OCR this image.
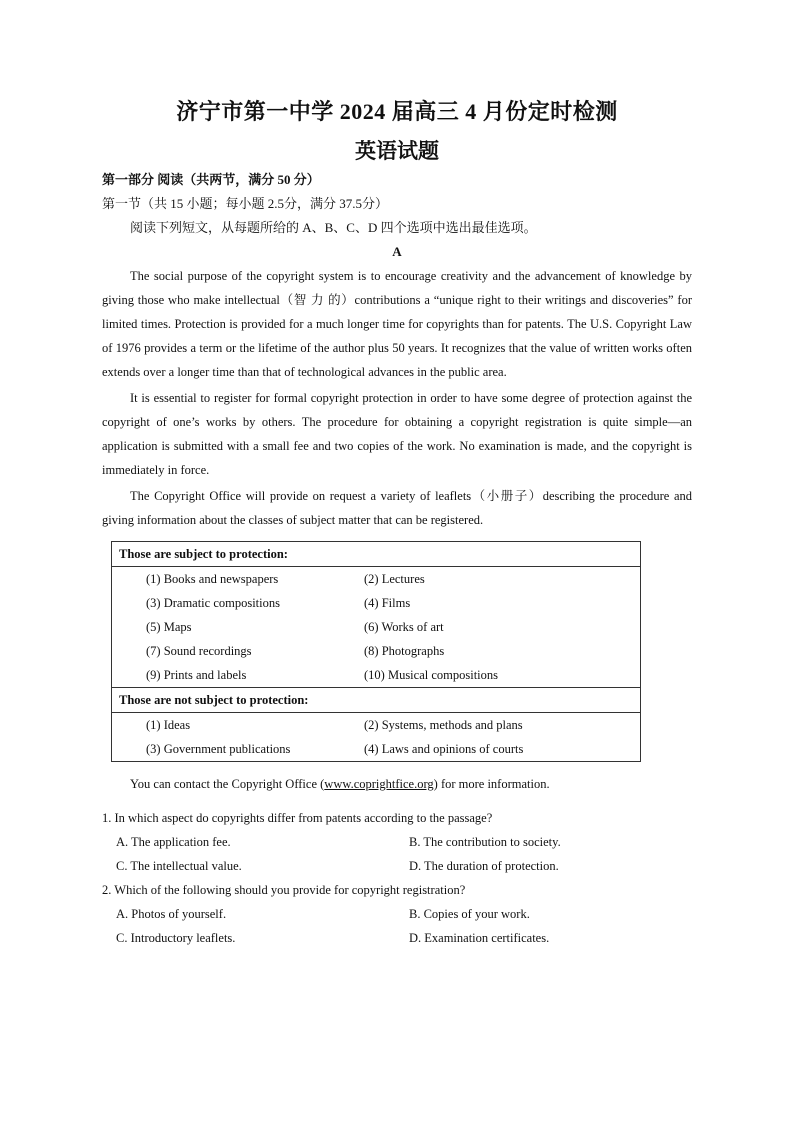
济宁市第一中学 2024 届高三 4 月份定时检测
英语试题
第一部分 阅读（共两节，满分 50 分）
第一节（共 15 小题；每小题 2.5分，满分 37.5分）
阅读下列短文，从每题所给的 A、B、C、D 四个选项中选出最佳选项。
A

The social purpose of the copyright system is to encourage creativity and the advancement of knowledge by giving those who make intellectual（智 力 的）contributions a “unique right to their writings and discoveries” for limited times. Protection is provided for a much longer time for copyrights than for patents. The U.S. Copyright Law of 1976 provides a term or the lifetime of the author plus 50 years. It recognizes that the value of written works often extends over a longer time than that of technological advances in the public area.

It is essential to register for formal copyright protection in order to have some degree of protection against the copyright of one’s works by others. The procedure for obtaining a copyright registration is quite simple—an application is submitted with a small fee and two copies of the work. No examination is made, and the copyright is immediately in force.

The Copyright Office will provide on request a variety of leaflets（小册子）describing the procedure and giving information about the classes of subject matter that can be registered.

Those are subject to protection:	
(1) Books and newspapers	(2) Lectures
(3) Dramatic compositions	(4) Films
(5) Maps	(6) Works of art
(7) Sound recordings	(8) Photographs
(9) Prints and labels	(10) Musical compositions
Those are not subject to protection:	
(1) Ideas	(2) Systems, methods and plans
(3) Government publications	(4) Laws and opinions of courts
You can contact the Copyright Office (www.coprightfice.org) for more information.
1. In which aspect do copyrights differ from patents according to the passage?
A. The application fee.	B. The contribution to society.
C. The intellectual value.	D. The duration of protection.
2. Which of the following should you provide for copyright registration?
A. Photos of yourself.	B. Copies of your work.
C. Introductory leaflets.	D. Examination certificates.
